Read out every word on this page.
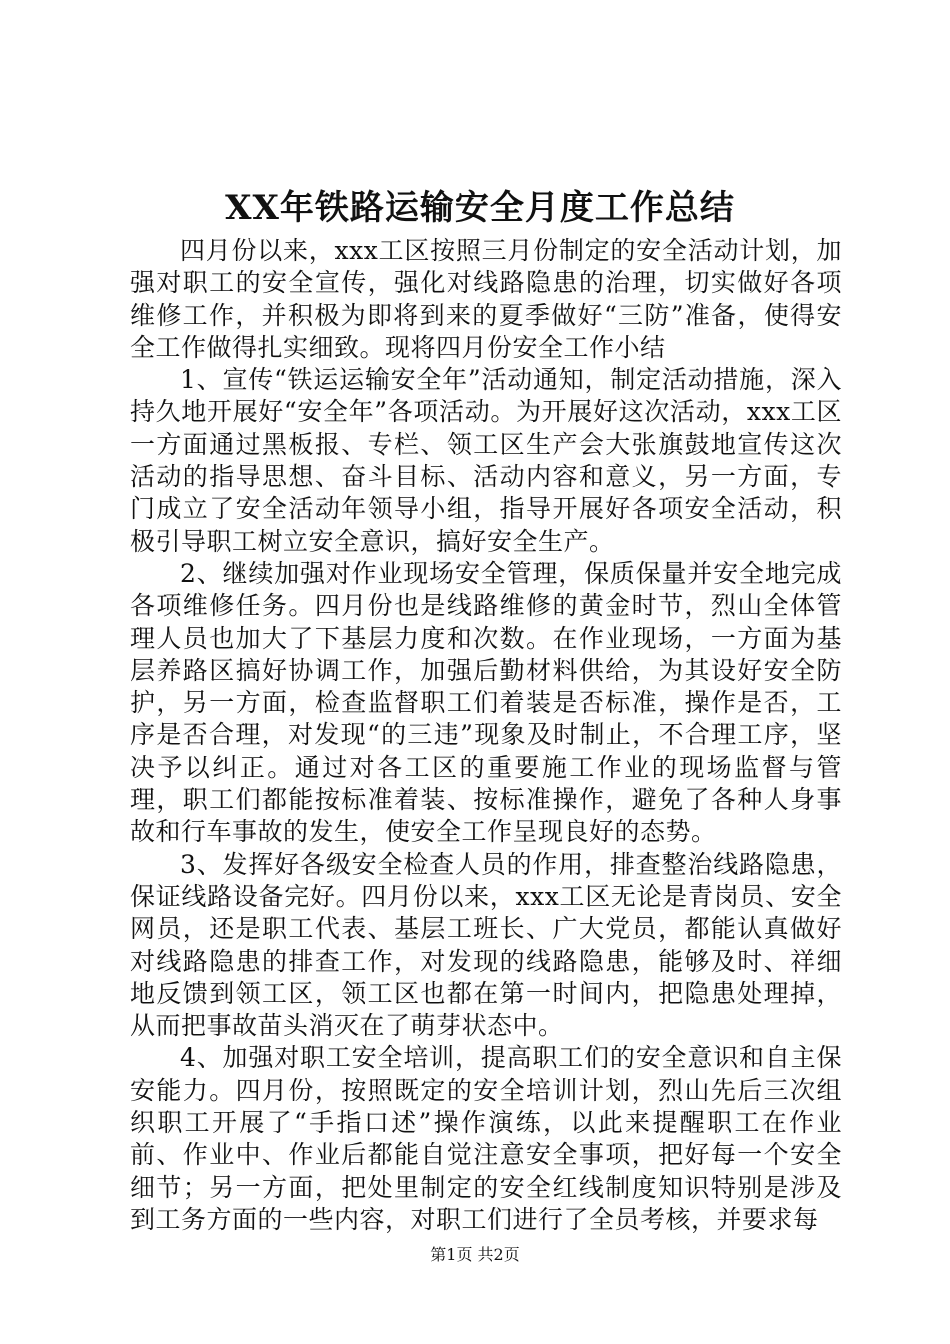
XX年铁路运输安全月度工作总结

四月份以来，xxx工区按照三月份制定的安全活动计划，加强对职工的安全宣传，强化对线路隐患的治理，切实做好各项维修工作，并积极为即将到来的夏季做好“三防”准备，使得安全工作做得扎实细致。现将四月份安全工作小结

1、宣传“铁运运输安全年”活动通知，制定活动措施，深入持久地开展好“安全年”各项活动。为开展好这次活动，xxx工区一方面通过黑板报、专栏、领工区生产会大张旗鼓地宣传这次活动的指导思想、奋斗目标、活动内容和意义，另一方面，专门成立了安全活动年领导小组，指导开展好各项安全活动，积极引导职工树立安全意识，搞好安全生产。

2、继续加强对作业现场安全管理，保质保量并安全地完成各项维修任务。四月份也是线路维修的黄金时节，烈山全体管理人员也加大了下基层力度和次数。在作业现场，一方面为基层养路区搞好协调工作，加强后勤材料供给，为其设好安全防护，另一方面，检查监督职工们着装是否标准，操作是否，工序是否合理，对发现“的三违”现象及时制止，不合理工序，坚决予以纠正。通过对各工区的重要施工作业的现场监督与管理，职工们都能按标准着装、按标准操作，避免了各种人身事故和行车事故的发生，使安全工作呈现良好的态势。

3、发挥好各级安全检查人员的作用，排查整治线路隐患，保证线路设备完好。四月份以来，xxx工区无论是青岗员、安全网员，还是职工代表、基层工班长、广大党员，都能认真做好对线路隐患的排查工作，对发现的线路隐患，能够及时、祥细地反馈到领工区，领工区也都在第一时间内，把隐患处理掉，从而把事故苗头消灭在了萌芽状态中。

4、加强对职工安全培训，提高职工们的安全意识和自主保安能力。四月份，按照既定的安全培训计划，烈山先后三次组织职工开展了“手指口述”操作演练，以此来提醒职工在作业前、作业中、作业后都能自觉注意安全事项，把好每一个安全细节；另一方面，把处里制定的安全红线制度知识特别是涉及到工务方面的一些内容，对职工们进行了全员考核，并要求每

第1页 共2页
